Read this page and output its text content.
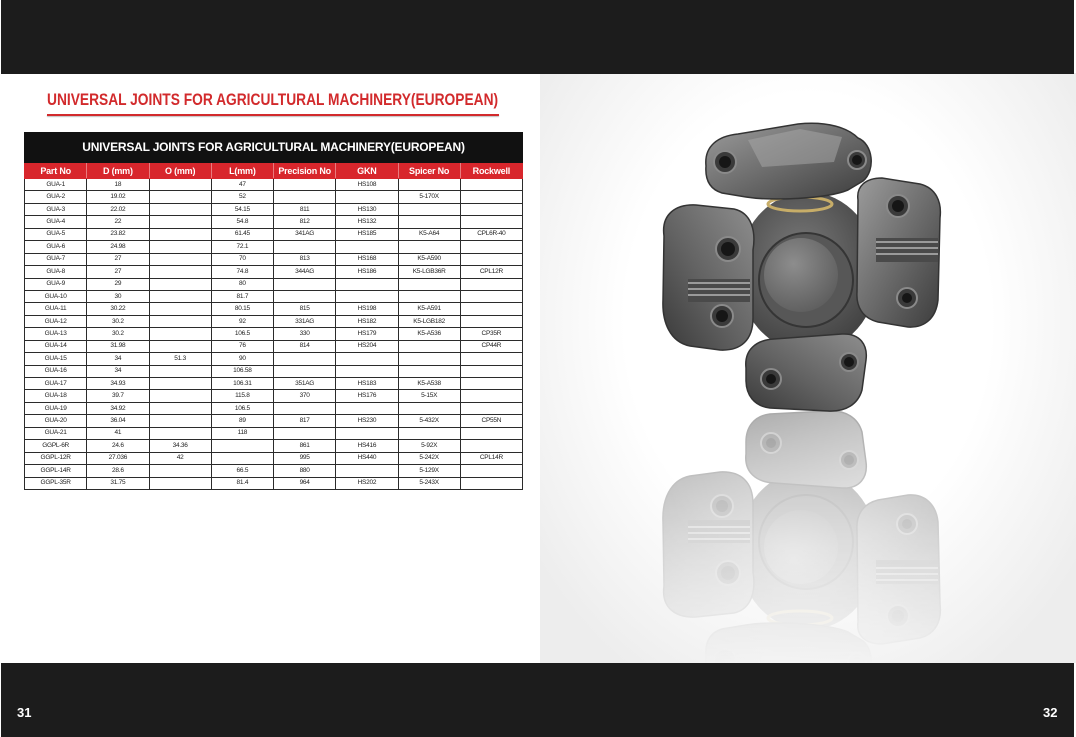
UNIVERSAL JOINTS FOR AGRICULTURAL MACHINERY(EUROPEAN)
UNIVERSAL JOINTS FOR AGRICULTURAL MACHINERY(EUROPEAN)
Part No	D (mm)	O (mm)	L(mm)	Precision No	GKN	Spicer No	Rockwell
GUA-1	18		47		HS108		
GUA-2	19.02		52			5-170X	
GUA-3	22.02		54.15	811	HS130		
GUA-4	22		54.8	812	HS132		
GUA-5	23.82		61.45	341AG	HS185	K5-A64	CPL6R-40
GUA-6	24.98		72.1				
GUA-7	27		70	813	HS168	K5-A590	
GUA-8	27		74.8	344AG	HS186	K5-LGB36R	CPL12R
GUA-9	29		80				
GUA-10	30		81.7				
GUA-11	30.22		80.15	815	HS198	K5-A591	
GUA-12	30.2		92	331AG	HS182	K5-LGB182	
GUA-13	30.2		106.5	330	HS179	K5-A536	CP35R
GUA-14	31.98		76	814	HS204		CP44R
GUA-15	34	51.3	90				
GUA-16	34		106.58				
GUA-17	34.93		106.31	351AG	HS183	K5-A538	
GUA-18	39.7		115.8	370	HS176	5-15X	
GUA-19	34.92		106.5				
GUA-20	36.04		89	817	HS230	5-432X	CP55N
GUA-21	41		118				
GGPL-6R	24.6	34.36		861	HS416	5-92X	
GGPL-12R	27.036	42		995	HS440	5-242X	CPL14R
GGPL-14R	28.6		66.5	880		5-129X	
GGPL-35R	31.75		81.4	964	HS202	5-243X	
31	32
